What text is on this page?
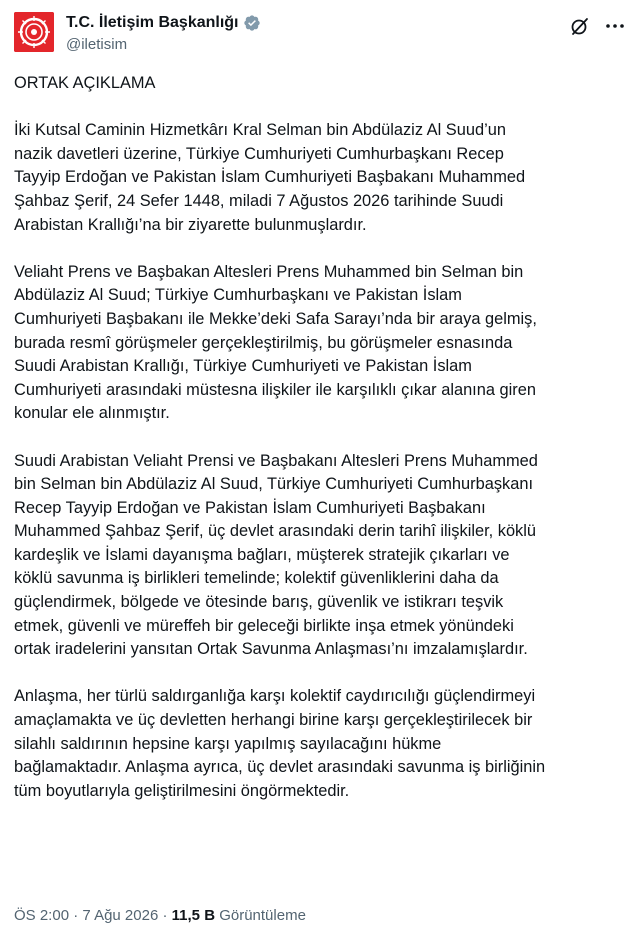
T.C. İletişim Başkanlığı
@iletisim

ORTAK AÇIKLAMA

İki Kutsal Caminin Hizmetkârı Kral Selman bin Abdülaziz Al Suud’un
nazik davetleri üzerine, Türkiye Cumhuriyeti Cumhurbaşkanı Recep
Tayyip Erdoğan ve Pakistan İslam Cumhuriyeti Başbakanı Muhammed
Şahbaz Şerif, 24 Sefer 1448, miladi 7 Ağustos 2026 tarihinde Suudi
Arabistan Krallığı’na bir ziyarette bulunmuşlardır.

Veliaht Prens ve Başbakan Altesleri Prens Muhammed bin Selman bin
Abdülaziz Al Suud; Türkiye Cumhurbaşkanı ve Pakistan İslam
Cumhuriyeti Başbakanı ile Mekke’deki Safa Sarayı’nda bir araya gelmiş,
burada resmî görüşmeler gerçekleştirilmiş, bu görüşmeler esnasında
Suudi Arabistan Krallığı, Türkiye Cumhuriyeti ve Pakistan İslam
Cumhuriyeti arasındaki müstesna ilişkiler ile karşılıklı çıkar alanına giren
konular ele alınmıştır.

Suudi Arabistan Veliaht Prensi ve Başbakanı Altesleri Prens Muhammed
bin Selman bin Abdülaziz Al Suud, Türkiye Cumhuriyeti Cumhurbaşkanı
Recep Tayyip Erdoğan ve Pakistan İslam Cumhuriyeti Başbakanı
Muhammed Şahbaz Şerif, üç devlet arasındaki derin tarihî ilişkiler, köklü
kardeşlik ve İslami dayanışma bağları, müşterek stratejik çıkarları ve
köklü savunma iş birlikleri temelinde; kolektif güvenliklerini daha da
güçlendirmek, bölgede ve ötesinde barış, güvenlik ve istikrarı teşvik
etmek, güvenli ve müreffeh bir geleceği birlikte inşa etmek yönündeki
ortak iradelerini yansıtan Ortak Savunma Anlaşması’nı imzalamışlardır.

Anlaşma, her türlü saldırganlığa karşı kolektif caydırıcılığı güçlendirmeyi
amaçlamakta ve üç devletten herhangi birine karşı gerçekleştirilecek bir
silahlı saldırının hepsine karşı yapılmış sayılacağını hükme
bağlamaktadır. Anlaşma ayrıca, üç devlet arasındaki savunma iş birliğinin
tüm boyutlarıyla geliştirilmesini öngörmektedir.

ÖS 2:00 · 7 Ağu 2026 · 11,5 B Görüntüleme
